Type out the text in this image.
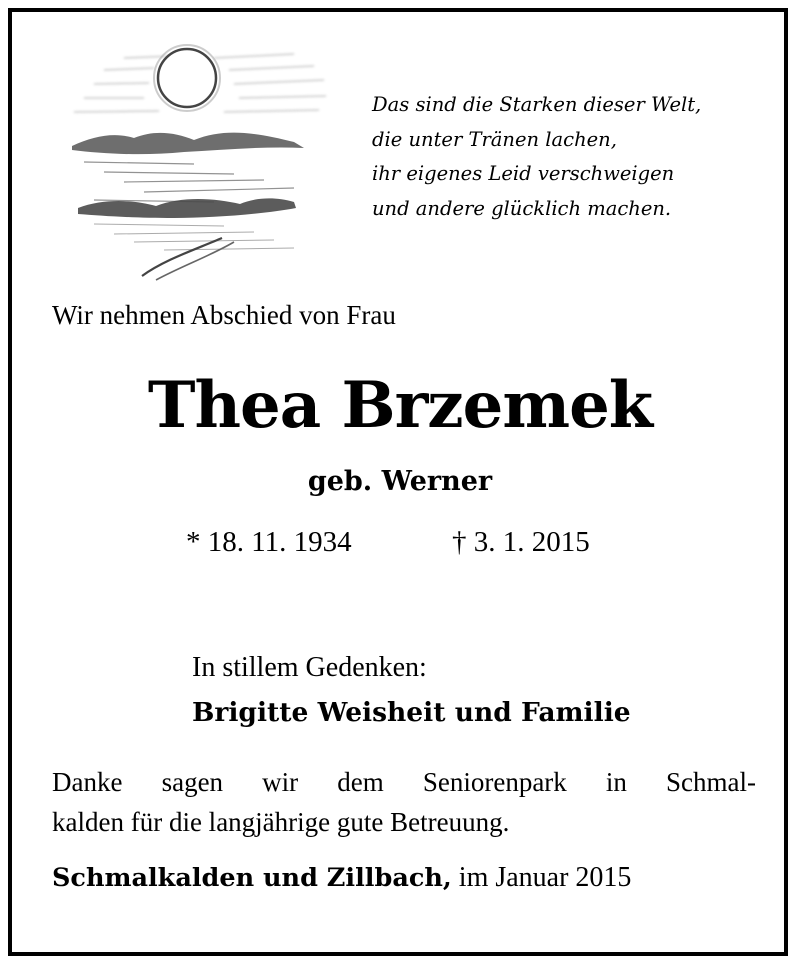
Das sind die Starken dieser Welt,
die unter Tränen lachen,
ihr eigenes Leid verschweigen
und andere glücklich machen.
Wir nehmen Abschied von Frau
Thea Brzemek
geb. Werner
* 18. 11. 1934	† 3. 1. 2015
In stillem Gedenken:
Brigitte Weisheit und Familie
Danke sagen wir dem Seniorenpark in Schmal-
kalden für die langjährige gute Betreuung.
Schmalkalden und Zillbach, im Januar 2015
